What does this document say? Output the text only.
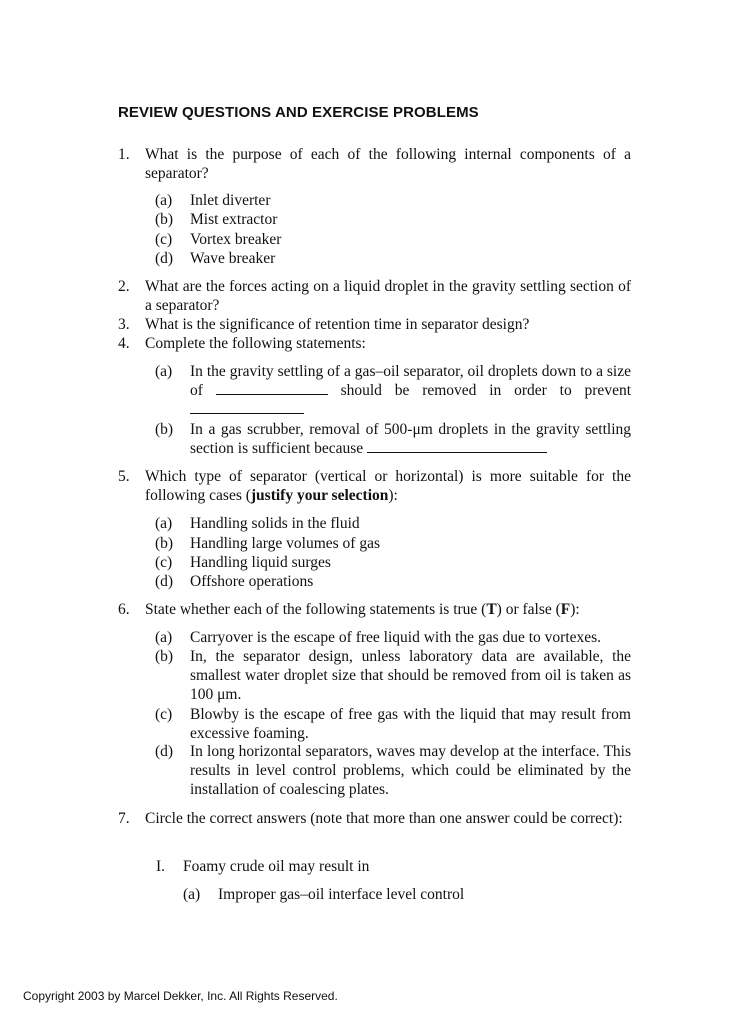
REVIEW QUESTIONS AND EXERCISE PROBLEMS
1. What is the purpose of each of the following internal components of a separator?
(a) Inlet diverter
(b) Mist extractor
(c) Vortex breaker
(d) Wave breaker
2. What are the forces acting on a liquid droplet in the gravity settling section of a separator?
3. What is the significance of retention time in separator design?
4. Complete the following statements:
(a) In the gravity settling of a gas–oil separator, oil droplets down to a size of	should be removed in order to prevent
(b) In a gas scrubber, removal of 500-μm droplets in the gravity settling section is sufficient because
5. Which type of separator (vertical or horizontal) is more suitable for the following cases (justify your selection):
(a) Handling solids in the fluid
(b) Handling large volumes of gas
(c) Handling liquid surges
(d) Offshore operations
6. State whether each of the following statements is true (T) or false (F):
(a) Carryover is the escape of free liquid with the gas due to vortexes.
(b) In, the separator design, unless laboratory data are available, the smallest water droplet size that should be removed from oil is taken as 100 μm.
(c) Blowby is the escape of free gas with the liquid that may result from excessive foaming.
(d) In long horizontal separators, waves may develop at the interface. This results in level control problems, which could be eliminated by the installation of coalescing plates.
7. Circle the correct answers (note that more than one answer could be correct):
I. Foamy crude oil may result in
(a) Improper gas–oil interface level control
Copyright 2003 by Marcel Dekker, Inc. All Rights Reserved.
